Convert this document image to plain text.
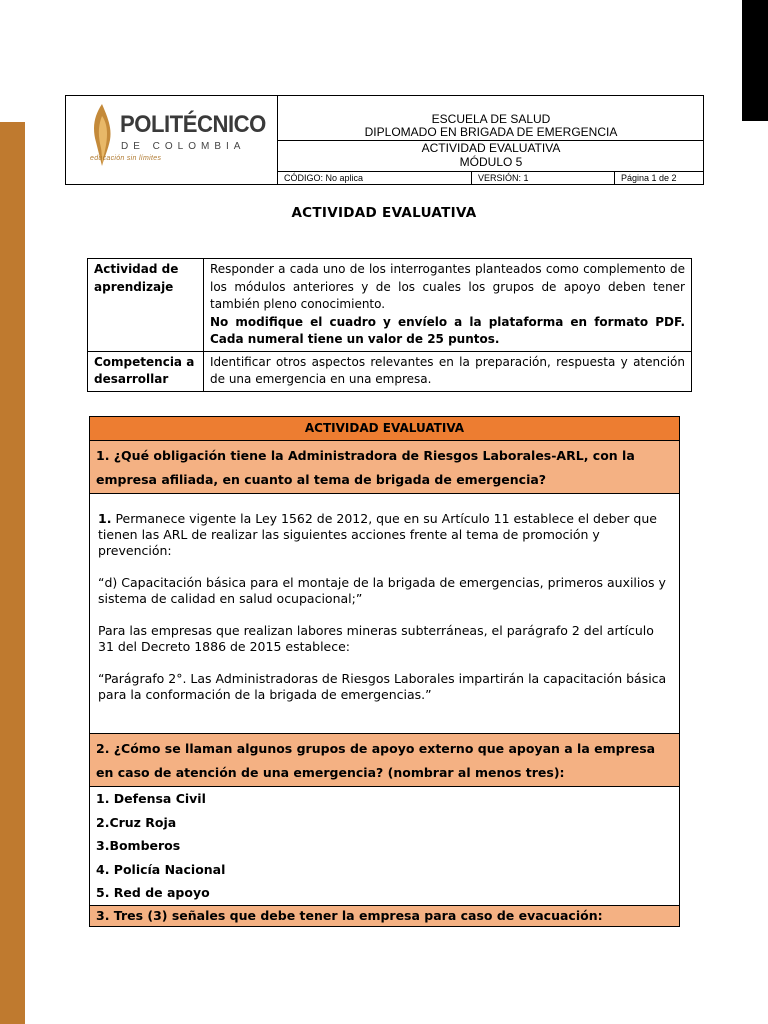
POLITÉCNICO
DE COLOMBIA
educación sin límites
ESCUELA DE SALUD
DIPLOMADO EN BRIGADA DE EMERGENCIA
ACTIVIDAD EVALUATIVA
MÓDULO 5
CÓDIGO: No aplica	VERSIÓN: 1	Página 1 de 2
ACTIVIDAD EVALUATIVA
Actividad de aprendizaje
Responder a cada uno de los interrogantes planteados como complemento de los módulos anteriores y de los cuales los grupos de apoyo deben tener también pleno conocimiento.
No modifique el cuadro y envíelo a la plataforma en formato PDF. Cada numeral tiene un valor de 25 puntos.
Competencia a desarrollar
Identificar otros aspectos relevantes en la preparación, respuesta y atención de una emergencia en una empresa.
ACTIVIDAD EVALUATIVA
1. ¿Qué obligación tiene la Administradora de Riesgos Laborales-ARL, con la empresa afiliada, en cuanto al tema de brigada de emergencia?

1. Permanece vigente la Ley 1562 de 2012, que en su Artículo 11 establece el deber que tienen las ARL de realizar las siguientes acciones frente al tema de promoción y prevención:

“d) Capacitación básica para el montaje de la brigada de emergencias, primeros auxilios y sistema de calidad en salud ocupacional;”

Para las empresas que realizan labores mineras subterráneas, el parágrafo 2 del artículo 31 del Decreto 1886 de 2015 establece:

“Parágrafo 2°. Las Administradoras de Riesgos Laborales impartirán la capacitación básica para la conformación de la brigada de emergencias.”

2. ¿Cómo se llaman algunos grupos de apoyo externo que apoyan a la empresa en caso de atención de una emergencia? (nombrar al menos tres):
1. Defensa Civil
2.Cruz Roja
3.Bomberos
4. Policía Nacional
5. Red de apoyo
3. Tres (3) señales que debe tener la empresa para caso de evacuación:
